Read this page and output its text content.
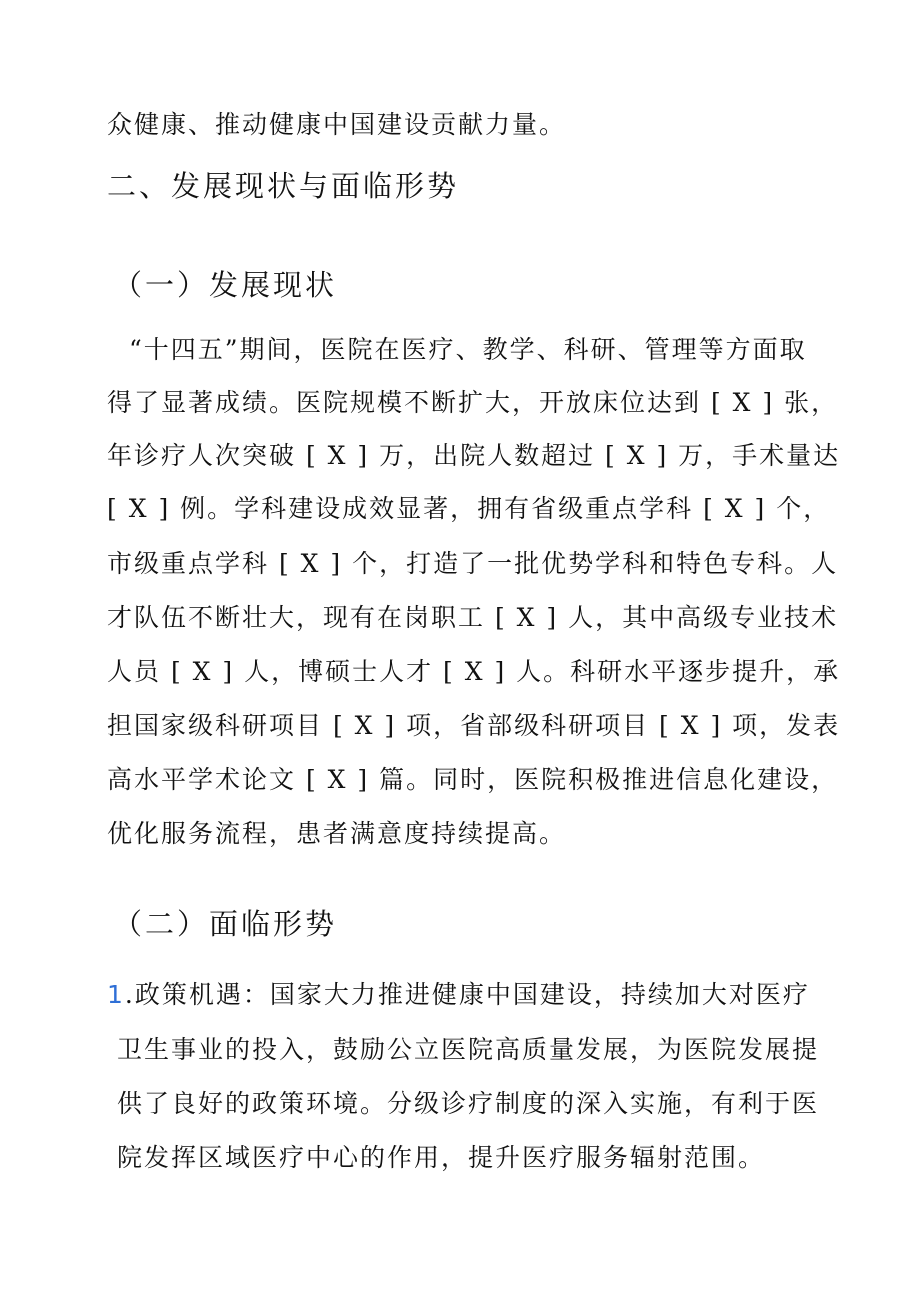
众健康、推动健康中国建设贡献力量。
二、发展现状与面临形势
（一）发展现状
“十四五”期间，医院在医疗、教学、科研、管理等方面取
得了显著成绩。医院规模不断扩大，开放床位达到 [ X ] 张，
年诊疗人次突破 [ X ] 万，出院人数超过 [ X ] 万，手术量达
[ X ] 例。学科建设成效显著，拥有省级重点学科 [ X ] 个，
市级重点学科 [ X ] 个，打造了一批优势学科和特色专科。人
才队伍不断壮大，现有在岗职工 [ X ] 人，其中高级专业技术
人员 [ X ] 人，博硕士人才 [ X ] 人。科研水平逐步提升，承
担国家级科研项目 [ X ] 项，省部级科研项目 [ X ] 项，发表
高水平学术论文 [ X ] 篇。同时，医院积极推进信息化建设，
优化服务流程，患者满意度持续提高。
（二）面临形势
1.政策机遇：国家大力推进健康中国建设，持续加大对医疗
卫生事业的投入，鼓励公立医院高质量发展，为医院发展提
供了良好的政策环境。分级诊疗制度的深入实施，有利于医
院发挥区域医疗中心的作用，提升医疗服务辐射范围。
